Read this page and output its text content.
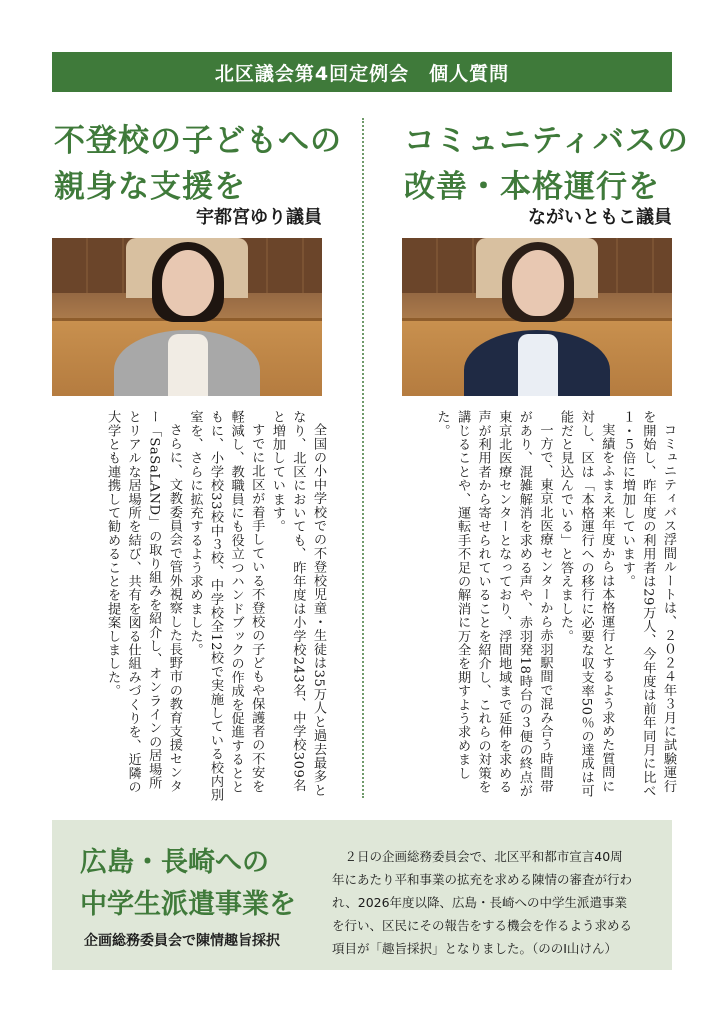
北区議会第4回定例会　個人質問
不登校の子どもへの
親身な支援を
宇都宮ゆり議員

全国の小中学校での不登校児童・生徒は35万人と過去最多となり、北区においても、昨年度は小学校243名、中学校309名と増加しています。

すでに北区が着手している不登校の子どもや保護者の不安を軽減し、教職員にも役立つハンドブックの作成を促進するとともに、小学校33校中３校、中学校全12校で実施している校内別室を、さらに拡充するよう求めました。

さらに、文教委員会で管外視察した長野市の教育支援センター「SaSaLAND」の取り組みを紹介し、オンラインの居場所とリアルな居場所を結び、共有を図る仕組みづくりを、近隣の大学とも連携して勧めることを提案しました。

コミュニティバスの
改善・本格運行を
ながいともこ議員

コミュニティバス浮間ルートは、２０２４年３月に試験運行を開始し、昨年度の利用者は29万人、今年度は前年同月に比べ１・５倍に増加しています。

実績をふまえ来年度からは本格運行とするよう求めた質問に対し、区は「本格運行への移行に必要な収支率50％の達成は可能だと見込んでいる」と答えました。

一方で、東京北医療センターから赤羽駅間で混み合う時間帯があり、混雑解消を求める声や、赤羽発18時台の３便の終点が東京北医療センターとなっており、浮間地域まで延伸を求める声が利用者から寄せられていることを紹介し、これらの対策を講じることや、運転手不足の解消に万全を期すよう求めました。

広島・長崎への
中学生派遣事業を
企画総務委員会で陳情趣旨採択

２日の企画総務委員会で、北区平和都市宣言40周年にあたり平和事業の拡充を求める陳情の審査が行われ、2026年度以降、広島・長崎への中学生派遣事業を行い、区民にその報告をする機会を作るよう求める項目が「趣旨採択」となりました。（ののⅠ山けん）
